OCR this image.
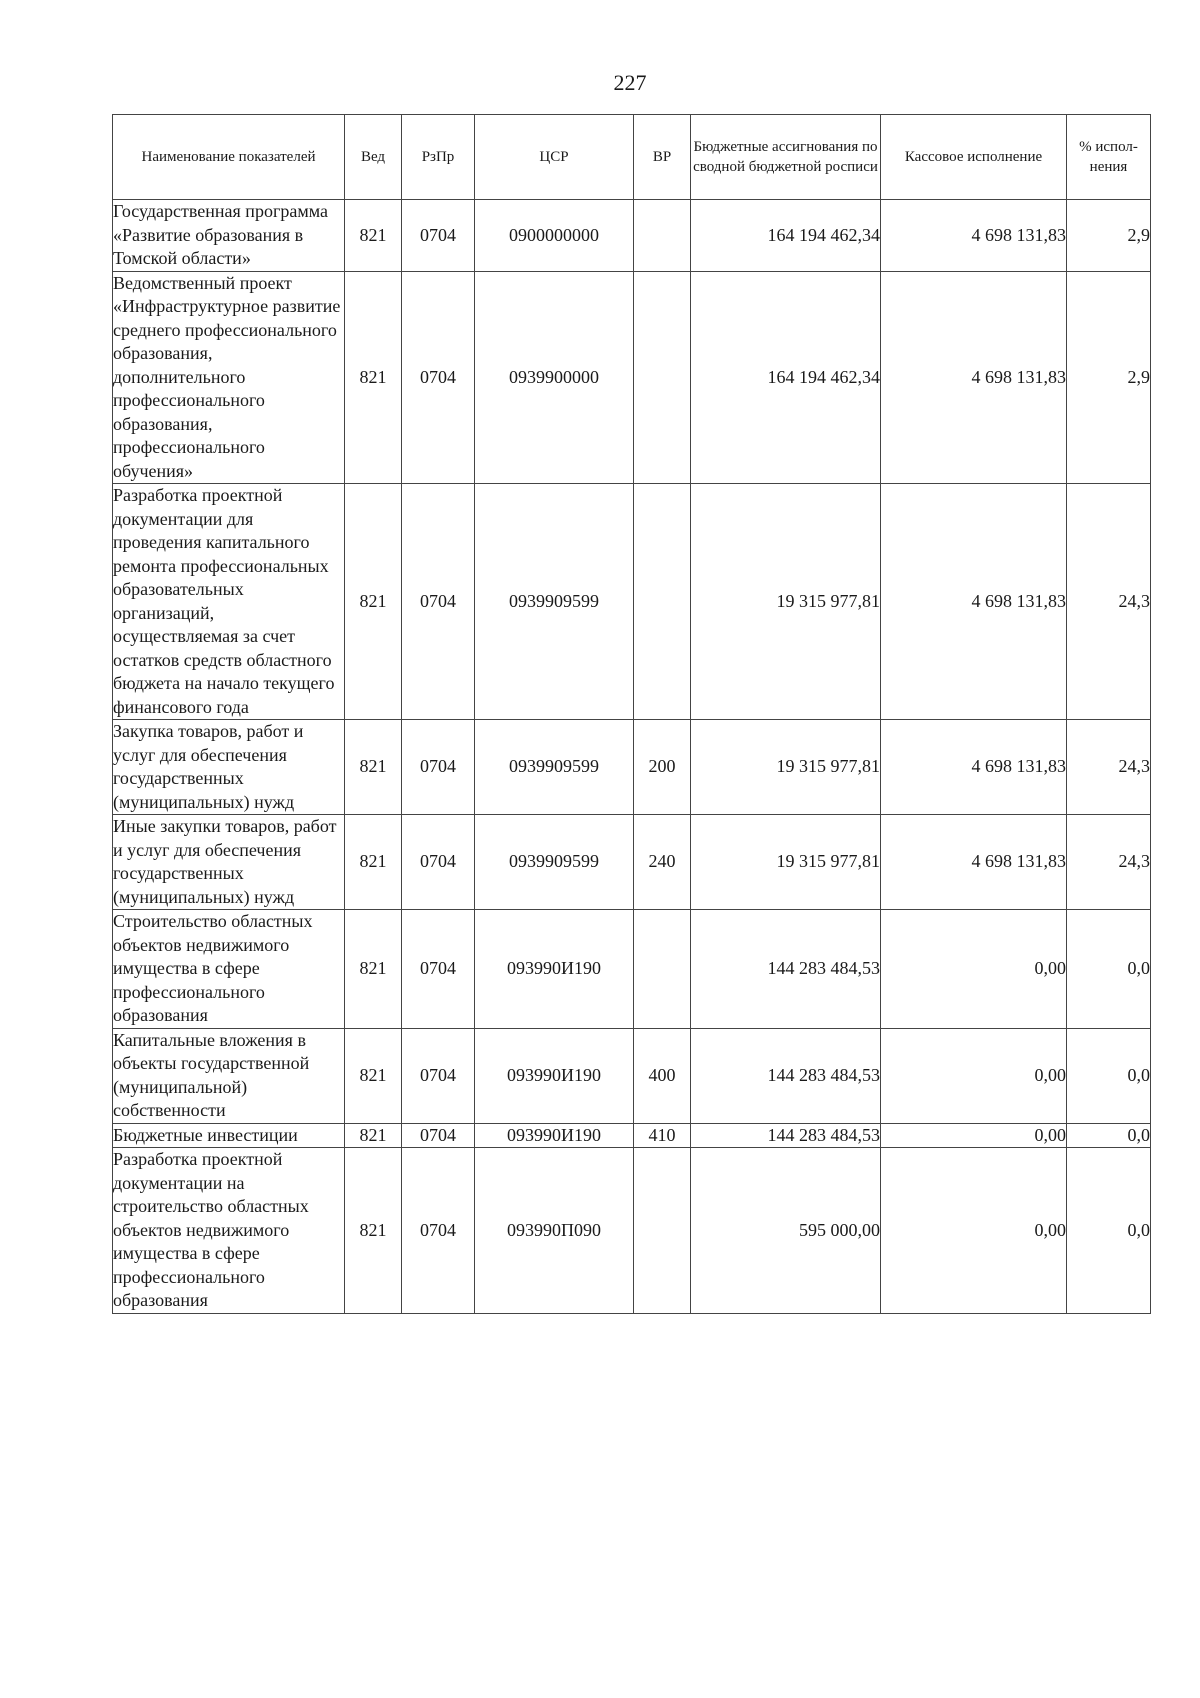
227
Наименование показателей	Вед	РзПр	ЦСР	ВР	Бюджетные ассигнования по сводной бюджетной росписи	Кассовое исполнение	% испол-нения
Государственная программа «Развитие образования в Томской области»	821	0704	0900000000		164 194 462,34	4 698 131,83	2,9
Ведомственный проект «Инфраструктурное развитие среднего профессионального образования, дополнительного профессионального образования, профессионального обучения»	821	0704	0939900000		164 194 462,34	4 698 131,83	2,9
Разработка проектной документации для проведения капитального ремонта профессиональных образовательных организаций, осуществляемая за счет остатков средств областного бюджета на начало текущего финансового года	821	0704	0939909599		19 315 977,81	4 698 131,83	24,3
Закупка товаров, работ и услуг для обеспечения государственных (муниципальных) нужд	821	0704	0939909599	200	19 315 977,81	4 698 131,83	24,3
Иные закупки товаров, работ и услуг для обеспечения государственных (муниципальных) нужд	821	0704	0939909599	240	19 315 977,81	4 698 131,83	24,3
Строительство областных объектов недвижимого имущества в сфере профессионального образования	821	0704	093990И190		144 283 484,53	0,00	0,0
Капитальные вложения в объекты государственной (муниципальной) собственности	821	0704	093990И190	400	144 283 484,53	0,00	0,0
Бюджетные инвестиции	821	0704	093990И190	410	144 283 484,53	0,00	0,0
Разработка проектной документации на строительство областных объектов недвижимого имущества в сфере профессионального образования	821	0704	093990П090		595 000,00	0,00	0,0
